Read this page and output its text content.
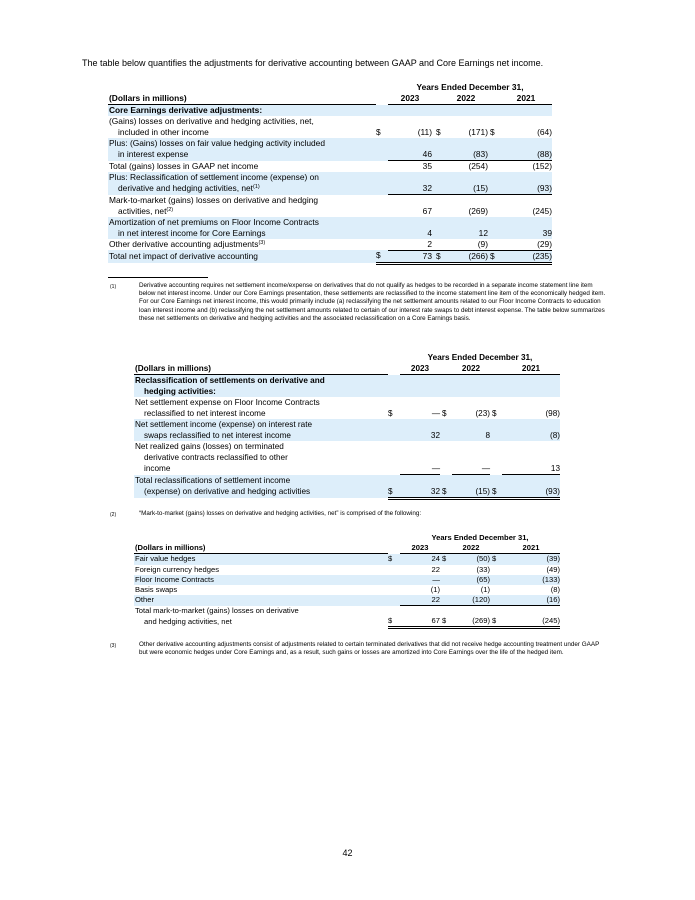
The table below quantifies the adjustments for derivative accounting between GAAP and Core Earnings net income.
		Years Ended December 31,				
(Dollars in millions)		2023		2022		2021
Core Earnings derivative adjustments:						
(Gains) losses on derivative and hedging activities, net,						
included in other income	$	(11)	$	(171)	$	(64)
Plus: (Gains) losses on fair value hedging activity included						
in interest expense		46		(83)		(88)
Total (gains) losses in GAAP net income		35		(254)		(152)
Plus: Reclassification of settlement income (expense) on						
derivative and hedging activities, net$^{(1)}$		32		(15)		(93)
Mark-to-market (gains) losses on derivative and hedging						
activities, net$^{(2)}$		67		(269)		(245)
Amortization of net premiums on Floor Income Contracts						
in net interest income for Core Earnings		4		12		39
Other derivative accounting adjustments$^{(3)}$		2		(9)		(29)
Total net impact of derivative accounting	$	73	$	(266)	$	(235)
(1)	Derivative accounting requires net settlement income/expense on derivatives that do not qualify as hedges to be recorded in a separate income statement line item below net interest income. Under our Core Earnings presentation, these settlements are reclassified to the income statement line item of the economically hedged item. For our Core Earnings net interest income, this would primarily include (a) reclassifying the net settlement amounts related to our Floor Income Contracts to education loan interest income and (b) reclassifying the net settlement amounts related to certain of our interest rate swaps to debt interest expense. The table below summarizes these net settlements on derivative and hedging activities and the associated reclassification on a Core Earnings basis.
		Years Ended December 31,				
(Dollars in millions)		2023		2022		2021
Reclassification of settlements on derivative and						
hedging activities:						
Net settlement expense on Floor Income Contracts						
reclassified to net interest income	$	—	$	(23)	$	(98)
Net settlement income (expense) on interest rate						
swaps reclassified to net interest income		32		8		(8)
Net realized gains (losses) on terminated						
derivative contracts reclassified to other						
income		—		—		13
Total reclassifications of settlement income						
(expense) on derivative and hedging activities	$	32	$	(15)	$	(93)
(2)	“Mark-to-market (gains) losses on derivative and hedging activities, net” is comprised of the following:
		Years Ended December 31,				
(Dollars in millions)		2023		2022		2021
Fair value hedges	$	24	$	(50)	$	(39)
Foreign currency hedges		22		(33)		(49)
Floor Income Contracts		—		(65)		(133)
Basis swaps		(1)		(1)		(8)
Other		22		(120)		(16)
Total mark-to-market (gains) losses on derivative						
and hedging activities, net	$	67	$	(269)	$	(245)
(3)	Other derivative accounting adjustments consist of adjustments related to certain terminated derivatives that did not receive hedge accounting treatment under GAAP but were economic hedges under Core Earnings and, as a result, such gains or losses are amortized into Core Earnings over the life of the hedged item.
42
